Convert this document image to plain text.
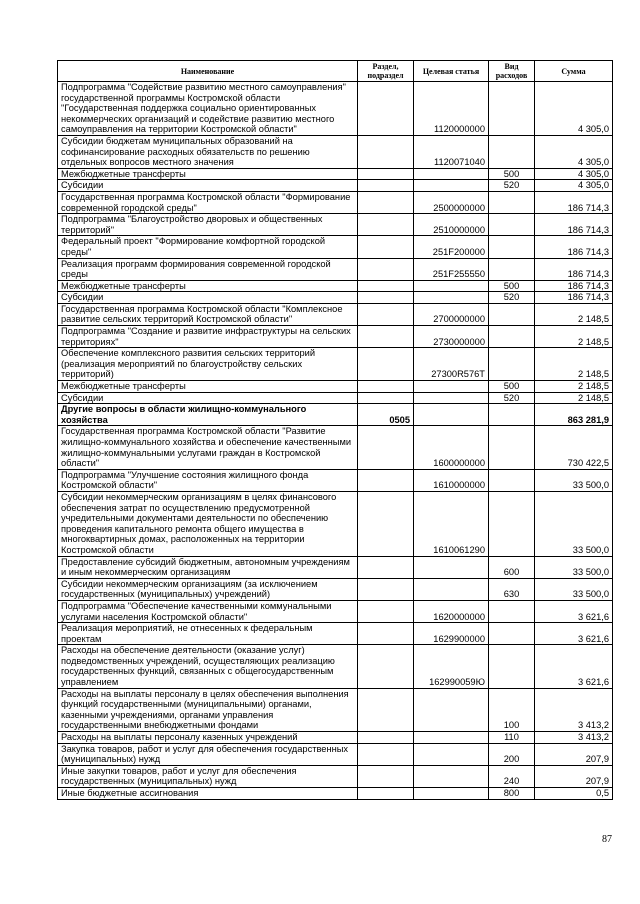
Наименование	Раздел, подраздел	Целевая статья	Вид расходов	Сумма
Подпрограмма "Содействие развитию местного самоуправления" государственной программы Костромской области "Государственная поддержка социально ориентированных некоммерческих организаций и содействие развитию местного самоуправления на территории Костромской области"		1120000000		4 305,0
Субсидии бюджетам муниципальных образований на софинансирование расходных обязательств по решению отдельных вопросов местного значения		1120071040		4 305,0
Межбюджетные трансферты			500	4 305,0
Субсидии			520	4 305,0
Государственная программа Костромской области "Формирование современной городской среды"		2500000000		186 714,3
Подпрограмма "Благоустройство дворовых и общественных территорий"		2510000000		186 714,3
Федеральный проект "Формирование комфортной городской среды"		251F200000		186 714,3
Реализация программ формирования современной городской среды		251F255550		186 714,3
Межбюджетные трансферты			500	186 714,3
Субсидии			520	186 714,3
Государственная программа Костромской области "Комплексное развитие сельских территорий Костромской области"		2700000000		2 148,5
Подпрограмма "Создание и развитие инфраструктуры на сельских территориях"		2730000000		2 148,5
Обеспечение комплексного развития сельских территорий (реализация мероприятий по благоустройству сельских территорий)		27300R576T		2 148,5
Межбюджетные трансферты			500	2 148,5
Субсидии			520	2 148,5
Другие вопросы в области жилищно-коммунального хозяйства	0505			863 281,9
Государственная программа Костромской области "Развитие жилищно-коммунального хозяйства и обеспечение качественными жилищно-коммунальными услугами граждан в Костромской области"		1600000000		730 422,5
Подпрограмма "Улучшение состояния жилищного фонда Костромской области"		1610000000		33 500,0
Субсидии некоммерческим организациям в целях финансового обеспечения затрат по осуществлению предусмотренной учредительными документами деятельности по обеспечению проведения капитального ремонта общего имущества в многоквартирных домах, расположенных на территории Костромской области		1610061290		33 500,0
Предоставление субсидий бюджетным, автономным учреждениям и иным некоммерческим организациям			600	33 500,0
Субсидии некоммерческим организациям (за исключением государственных (муниципальных) учреждений)			630	33 500,0
Подпрограмма "Обеспечение качественными коммунальными услугами населения Костромской области"		1620000000		3 621,6
Реализация мероприятий, не отнесенных к федеральным проектам		1629900000		3 621,6
Расходы на обеспечение деятельности (оказание услуг) подведомственных учреждений, осуществляющих реализацию государственных функций, связанных с общегосударственным управлением		162990059Ю		3 621,6
Расходы на выплаты персоналу в целях обеспечения выполнения функций государственными (муниципальными) органами, казенными учреждениями, органами управления государственными внебюджетными фондами			100	3 413,2
Расходы на выплаты персоналу казенных учреждений			110	3 413,2
Закупка товаров, работ и услуг для обеспечения государственных (муниципальных) нужд			200	207,9
Иные закупки товаров, работ и услуг для обеспечения государственных (муниципальных) нужд			240	207,9
Иные бюджетные ассигнования			800	0,5
87
